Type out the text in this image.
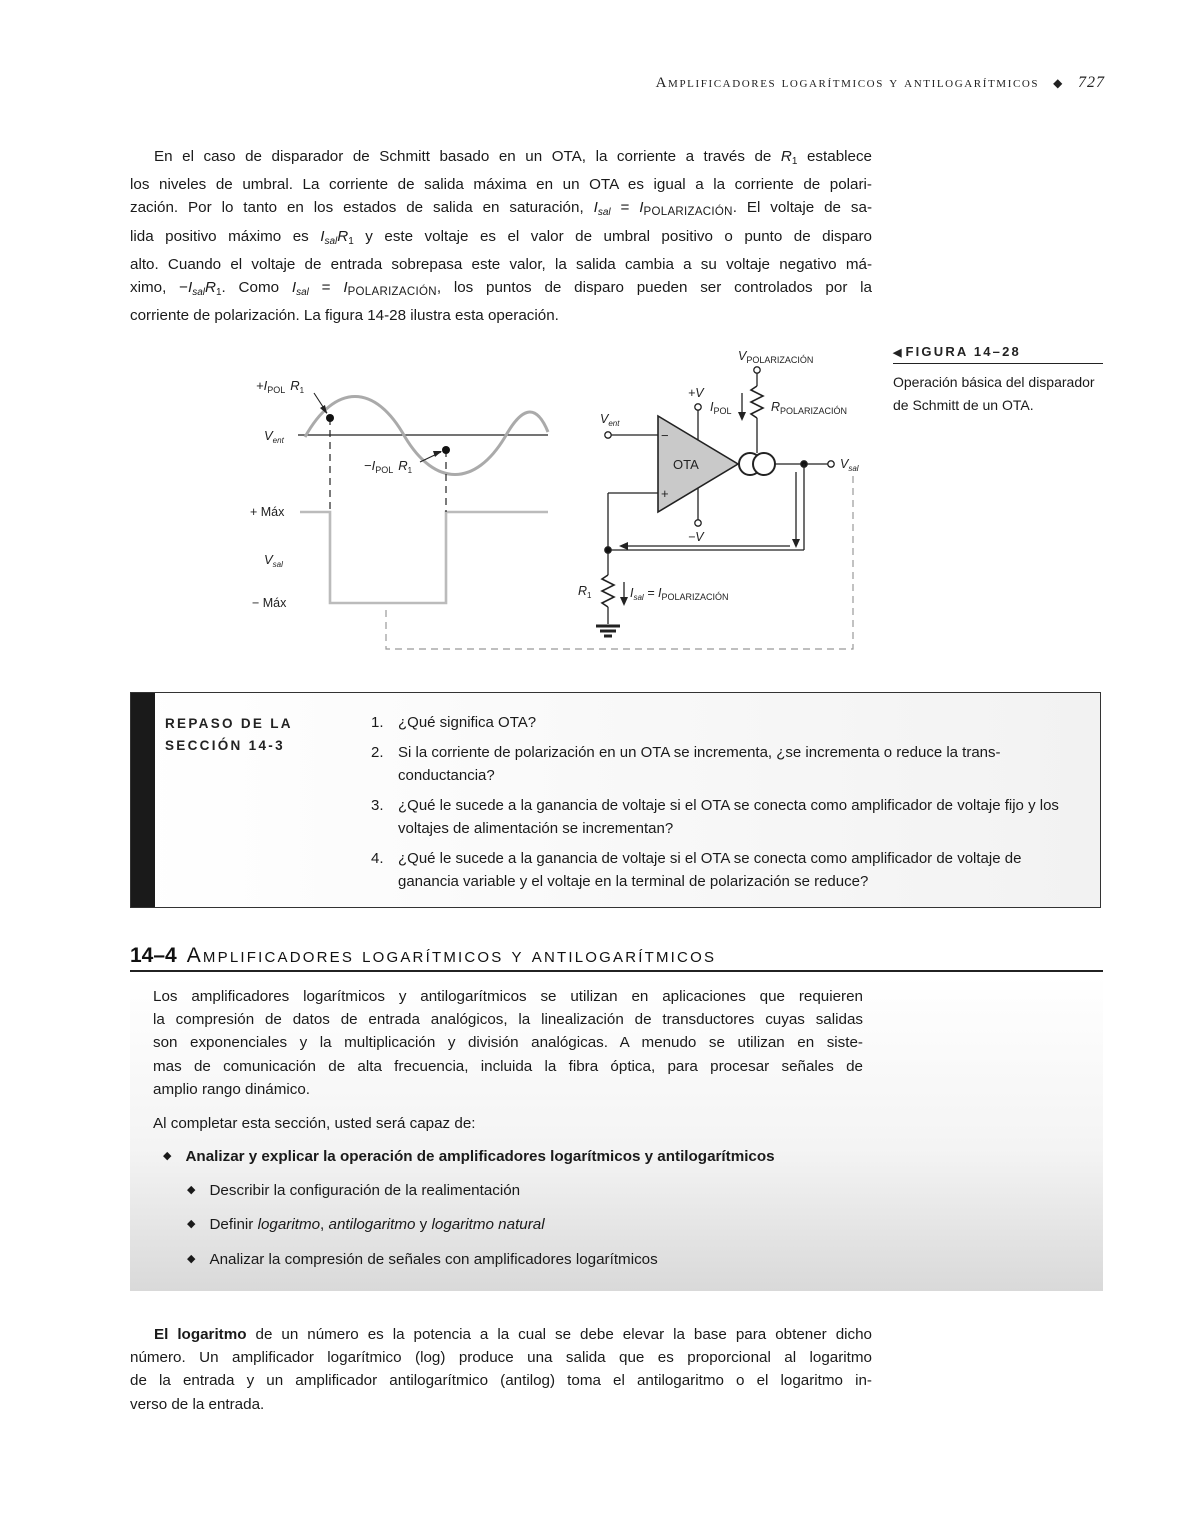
Amplificadores logarítmicos y antilogarítmicos ◆ 727
En el caso de disparador de Schmitt basado en un OTA, la corriente a través de $R_1$ establece
los niveles de umbral. La corriente de salida máxima en un OTA es igual a la corriente de polari-
zación. Por lo tanto en los estados de salida en saturación, $I_{sal} = I_{POLARIZACIÓN}$. El voltaje de sa-
lida positivo máximo es $I_{sal}R_1$ y este voltaje es el valor de umbral positivo o punto de disparo
alto. Cuando el voltaje de entrada sobrepasa este valor, la salida cambia a su voltaje negativo má-
ximo, $-I_{sal}R_1$. Como $I_{sal} = I_{POLARIZACIÓN}$, los puntos de disparo pueden ser controlados por la
corriente de polarización. La figura 14-28 ilustra esta operación.
$+I_{POL}$ $R_1$
$V_{ent}$
$-I_{POL}$ $R_1$
+ Máx
$V_{sal}$
− Máx
$V_{POLARIZACIÓN}$
+V
$I_{POL}$	$R_{POLARIZACIÓN}$
$V_{ent}$
−
OTA
+
$V_{sal}$
−V
$R_1$	$I_{sal} = I_{POLARIZACIÓN}$
◀ FIGURA 14–28
Operación básica del disparador de Schmitt de un OTA.
REPASO DE LA
SECCIÓN 14-3
1. ¿Qué significa OTA?
2. Si la corriente de polarización en un OTA se incrementa, ¿se incrementa o reduce la trans-conductancia?
3. ¿Qué le sucede a la ganancia de voltaje si el OTA se conecta como amplificador de voltaje fijo y los voltajes de alimentación se incrementan?
4. ¿Qué le sucede a la ganancia de voltaje si el OTA se conecta como amplificador de voltaje de ganancia variable y el voltaje en la terminal de polarización se reduce?
14–4 Amplificadores logarítmicos y antilogarítmicos
Los amplificadores logarítmicos y antilogarítmicos se utilizan en aplicaciones que requieren
la compresión de datos de entrada analógicos, la linealización de transductores cuyas salidas
son exponenciales y la multiplicación y división analógicas. A menudo se utilizan en siste-
mas de comunicación de alta frecuencia, incluida la fibra óptica, para procesar señales de
amplio rango dinámico.
Al completar esta sección, usted será capaz de:
◆ Analizar y explicar la operación de amplificadores logarítmicos y antilogarítmicos
◆ Describir la configuración de la realimentación
◆ Definir logaritmo, antilogaritmo y logaritmo natural
◆ Analizar la compresión de señales con amplificadores logarítmicos
El logaritmo de un número es la potencia a la cual se debe elevar la base para obtener dicho
número. Un amplificador logarítmico (log) produce una salida que es proporcional al logaritmo
de la entrada y un amplificador antilogarítmico (antilog) toma el antilogaritmo o el logaritmo in-
verso de la entrada.
